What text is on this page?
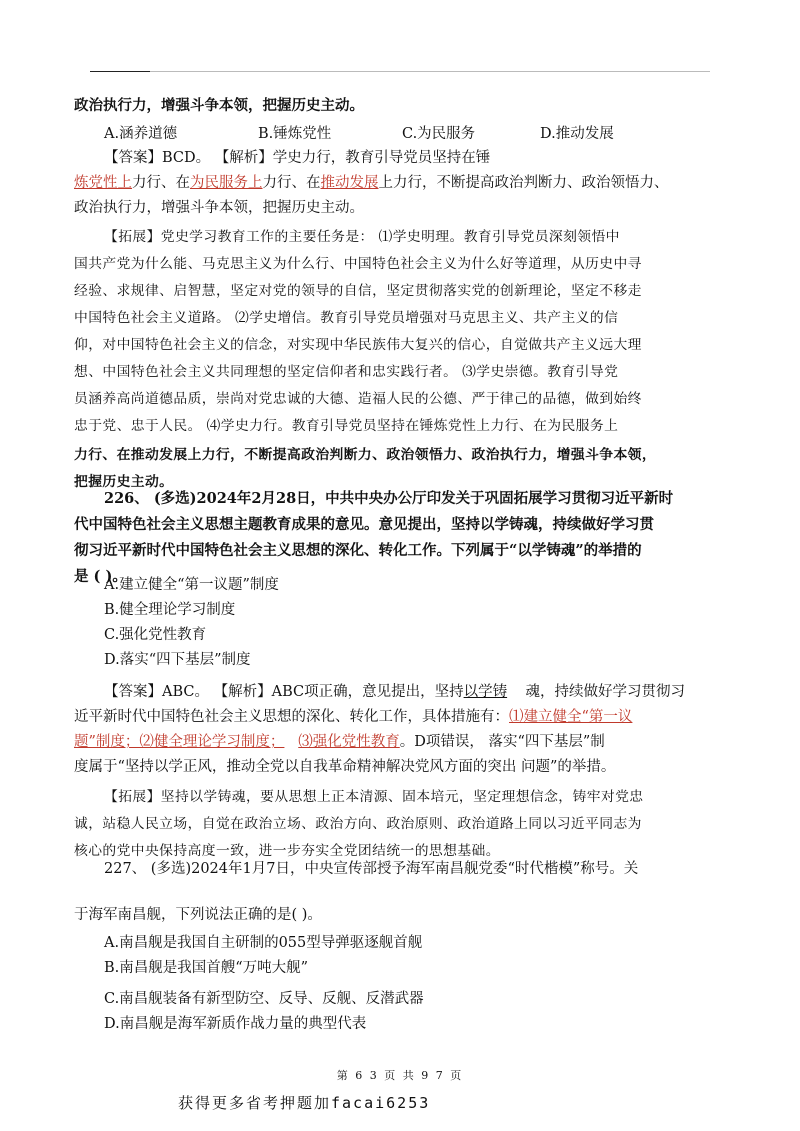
政治执行力，增强斗争本领，把握历史主动。

A.涵养道德	B.锤炼党性	C.为民服务	D.推动发展

【答案】BCD。 【解析】学史力行，教育引导党员坚持在锤

炼党性上力行、在为民服务上力行、在推动发展上力行，不断提高政治判断力、政治领悟力、

政治执行力，增强斗争本领，把握历史主动。

【拓展】党史学习教育工作的主要任务是： ⑴学史明理。教育引导党员深刻领悟中

国共产党为什么能、马克思主义为什么行、中国特色社会主义为什么好等道理，从历史中寻

经验、求规律、启智慧，坚定对党的领导的自信，坚定贯彻落实党的创新理论，坚定不移走

中国特色社会主义道路。 ⑵学史增信。教育引导党员增强对马克思主义、共产主义的信

仰，对中国特色社会主义的信念，对实现中华民族伟大复兴的信心，自觉做共产主义远大理

想、中国特色社会主义共同理想的坚定信仰者和忠实践行者。 ⑶学史崇德。教育引导党

员涵养高尚道德品质，崇尚对党忠诚的大德、造福人民的公德、严于律己的品德，做到始终

忠于党、忠于人民。 ⑷学史力行。教育引导党员坚持在锤炼党性上力行、在为民服务上

力行、在推动发展上力行，不断提高政治判断力、政治领悟力、政治执行力，增强斗争本领，

把握历史主动。

226、 (多选)2024年2月28日，中共中央办公厅印发关于巩固拓展学习贯彻习近平新时

代中国特色社会主义思想主题教育成果的意见。意见提出，坚持以学铸魂，持续做好学习贯

彻习近平新时代中国特色社会主义思想的深化、转化工作。下列属于“以学铸魂”的举措的

是 ( )。

A.建立健全“第一议题”制度

B.健全理论学习制度

C.强化党性教育

D.落实“四下基层”制度

【答案】ABC。 【解析】ABC项正确，意见提出，坚持以学铸 魂，持续做好学习贯彻习

近平新时代中国特色社会主义思想的深化、转化工作，具体措施有：⑴建立健全“第一议

题”制度；⑵健全理论学习制度； ⑶强化党性教育。D项错误， 落实“四下基层”制

度属于“坚持以学正风，推动全党以自我革命精神解决党风方面的突出 问题”的举措。

【拓展】坚持以学铸魂，要从思想上正本清源、固本培元，坚定理想信念，铸牢对党忠

诚，站稳人民立场，自觉在政治立场、政治方向、政治原则、政治道路上同以习近平同志为

核心的党中央保持高度一致，进一步夯实全党团结统一的思想基础。

227、 (多选)2024年1月7日，中央宣传部授予海军南昌舰党委“时代楷模”称号。关

于海军南昌舰，下列说法正确的是( )。

A.南昌舰是我国自主研制的055型导弹驱逐舰首舰

B.南昌舰是我国首艘“万吨大舰”

C.南昌舰装备有新型防空、反导、反舰、反潜武器

D.南昌舰是海军新质作战力量的典型代表

第 6 3 页 共 9 7 页
获得更多省考押题加facai6253
